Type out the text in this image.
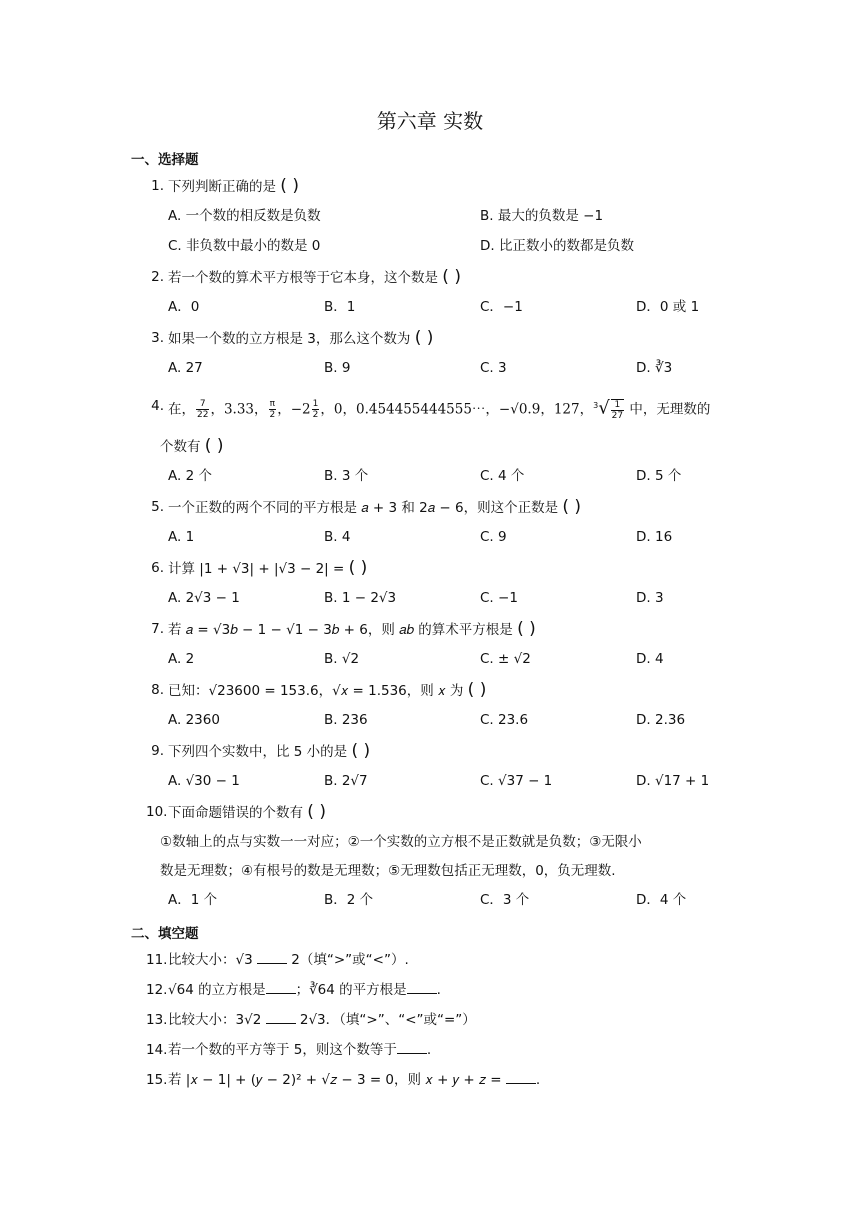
第六章 实数
一、选择题
1. 下列判断正确的是 ( )
A. 一个数的相反数是负数	B. 最大的负数是 −1
C. 非负数中最小的数是 0	D. 比正数小的数都是负数
2. 若一个数的算术平方根等于它本身，这个数是 ( )
A．0	B．1	C．−1	D．0 或 1
3. 如果一个数的立方根是 3，那么这个数为 ( )
A. 27	B. 9	C. 3	D. ∛3
4. 在， $\frac{7}{22}$ ，3.33， $\frac{\pi}{2}$ ，$-2 \frac{1}{2}$ ，0，0.454455444555⋯，−√0.9，127，$^3√ \frac{1}{27}$ 中，无理数的
个数有 ( )
A. 2 个	B. 3 个	C. 4 个	D. 5 个
5. 一个正数的两个不同的平方根是 𝑎 + 3 和 2𝑎 − 6，则这个正数是 ( )
A. 1	B. 4	C. 9	D. 16
6. 计算 |1 + √3| + |√3 − 2| = ( )
A. 2√3 − 1	B. 1 − 2√3	C. −1	D. 3
7. 若 𝑎 = √3𝑏 − 1 − √1 − 3𝑏 + 6，则 𝑎𝑏 的算术平方根是 ( )
A. 2	B. √2	C. ± √2	D. 4
8. 已知：√23600 = 153.6，√𝑥 = 1.536，则 𝑥 为 ( )
A. 2360	B. 236	C. 23.6	D. 2.36
9. 下列四个实数中，比 5 小的是 ( )
A. √30 − 1	B. 2√7	C. √37 − 1	D. √17 + 1
10. 下面命题错误的个数有 ( )
①数轴上的点与实数一一对应；②一个实数的立方根不是正数就是负数；③无限小
数是无理数；④有根号的数是无理数；⑤无理数包括正无理数，0，负无理数.
A．1 个	B．2 个	C．3 个	D．4 个
二、填空题
11. 比较大小：√3  2（填“>”或“<”）.
12. √64 的立方根是 ；∛64 的平方根是 .
13. 比较大小：3√2  2√3．（填“>”、“<”或“=”）
14. 若一个数的平方等于 5，则这个数等于 .
15. 若 |𝑥 − 1| + (𝑦 − 2)² + √𝑧 − 3 = 0，则 𝑥 + 𝑦 + 𝑧 = .
